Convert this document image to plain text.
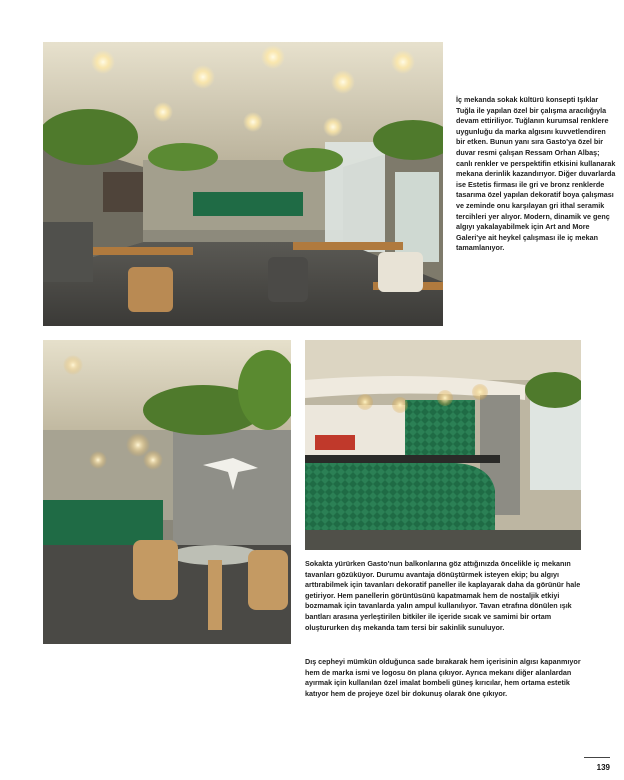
İç mekanda sokak kültürü konsepti Işıklar Tuğla ile yapılan özel bir çalışma aracılığıyla devam ettiriliyor. Tuğlanın kurumsal renklere uygunluğu da marka algısını kuvvetlendiren bir etken. Bunun yanı sıra Gasto'ya özel bir duvar resmi çalışan Ressam Orhan Albaş; canlı renkler ve perspektifin etkisini kullanarak mekana derinlik kazandırıyor. Diğer duvarlarda ise Estetis firması ile gri ve bronz renklerde tasarıma özel yapılan dekoratif boya çalışması ve zeminde onu karşılayan gri ithal seramik tercihleri yer alıyor. Modern, dinamik ve genç algıyı yakalayabilmek için Art and More Galeri'ye ait heykel çalışması ile iç mekan tamamlanıyor.

Sokakta yürürken Gasto'nun balkonlarına göz attığınızda öncelikle iç mekanın tavanları gözüküyor. Durumu avantaja dönüştürmek isteyen ekip; bu algıyı arttırabilmek için tavanları dekoratif paneller ile kaplayarak daha da görünür hale getiriyor. Hem panellerin görüntüsünü kapatmamak hem de nostaljik etkiyi bozmamak için tavanlarda yalın ampul kullanılıyor. Tavan etrafına dönülen ışık bantları arasına yerleştirilen bitkiler ile içeride sıcak ve samimi bir ortam oluştururken dış mekanda tam tersi bir sakinlik sunuluyor.

Dış cepheyi mümkün olduğunca sade bırakarak hem içerisinin algısı kapanmıyor hem de marka ismi ve logosu ön plana çıkıyor. Ayrıca mekanı diğer alanlardan ayırmak için kullanılan özel imalat bombeli güneş kırıcılar, hem ortama estetik katıyor hem de projeye özel bir dokunuş olarak öne çıkıyor.

139
